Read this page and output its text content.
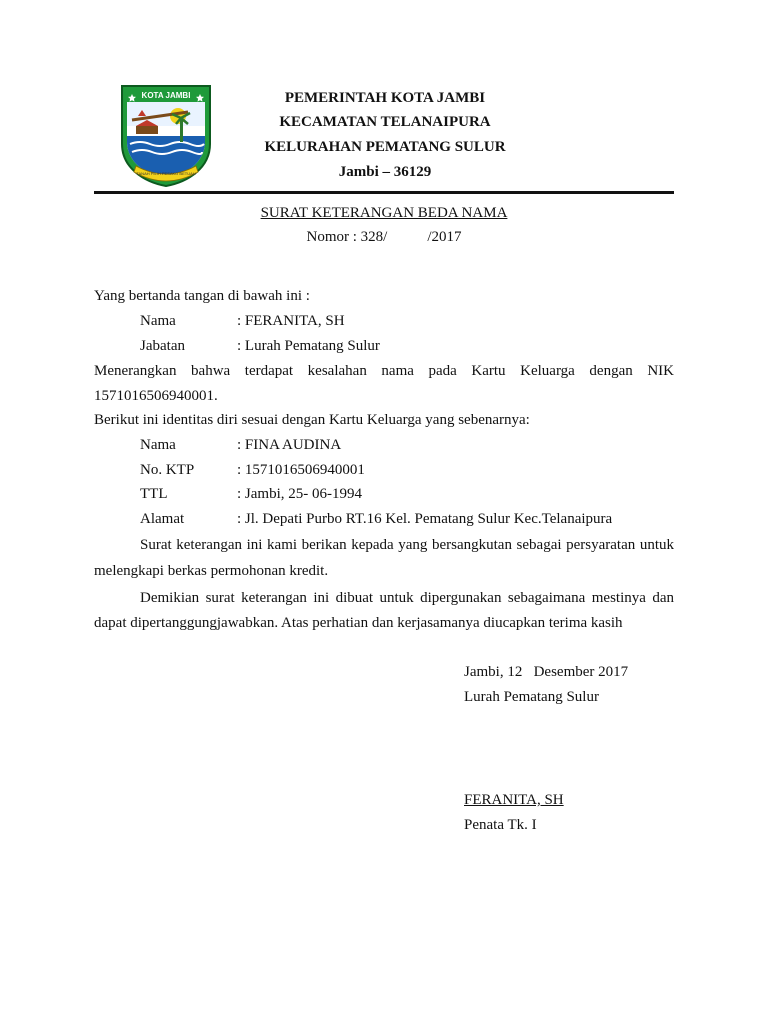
KOTA JAMBI
TANAH PILIH PESAKO BETUAH
PEMERINTAH KOTA JAMBI
KECAMATAN TELANAIPURA
KELURAHAN PEMATANG SULUR
Jambi – 36129
SURAT KETERANGAN BEDA NAMA
Nomor : 328/	/2017
Yang bertanda tangan di bawah ini :
Nama	: FERANITA, SH
Jabatan	: Lurah Pematang Sulur
Menerangkan bahwa terdapat kesalahan nama pada Kartu Keluarga dengan NIK
1571016506940001.
Berikut ini identitas diri sesuai dengan Kartu Keluarga yang sebenarnya:
Nama	: FINA AUDINA
No. KTP	: 1571016506940001
TTL	: Jambi, 25- 06-1994
Alamat	: Jl. Depati Purbo RT.16 Kel. Pematang Sulur Kec.Telanaipura
Surat keterangan ini kami berikan kepada yang bersangkutan sebagai persyaratan untuk
melengkapi berkas permohonan kredit.
Demikian surat keterangan ini dibuat untuk dipergunakan sebagaimana mestinya dan
dapat dipertanggungjawabkan. Atas perhatian dan kerjasamanya diucapkan terima kasih
Jambi, 12   Desember 2017
Lurah Pematang Sulur
FERANITA, SH
Penata Tk. I
